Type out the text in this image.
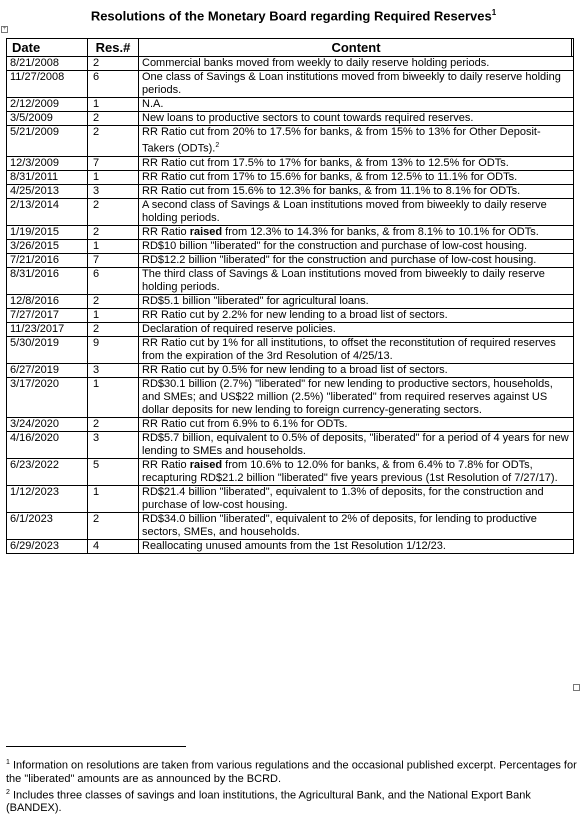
Resolutions of the Monetary Board regarding Required Reserves$^1$
+
Date	Res.#	Content
8/21/2008	2	Commercial banks moved from weekly to daily reserve holding periods.
11/27/2008	6	One class of Savings & Loan institutions moved from biweekly to daily reserve holding periods.
2/12/2009	1	N.A.
3/5/2009	2	New loans to productive sectors to count towards required reserves.
5/21/2009	2	RR Ratio cut from 20% to 17.5% for banks, & from 15% to 13% for Other Deposit-Takers (ODTs).$^2$
12/3/2009	7	RR Ratio cut from 17.5% to 17% for banks, & from 13% to 12.5% for ODTs.
8/31/2011	1	RR Ratio cut from 17% to 15.6% for banks, & from 12.5% to 11.1% for ODTs.
4/25/2013	3	RR Ratio cut from 15.6% to 12.3% for banks, & from 11.1% to 8.1% for ODTs.
2/13/2014	2	A second class of Savings & Loan institutions moved from biweekly to daily reserve holding periods.
1/19/2015	2	RR Ratio raised from 12.3% to 14.3% for banks, & from 8.1% to 10.1% for ODTs.
3/26/2015	1	RD$10 billion "liberated" for the construction and purchase of low-cost housing.
7/21/2016	7	RD$12.2 billion "liberated" for the construction and purchase of low-cost housing.
8/31/2016	6	The third class of Savings & Loan institutions moved from biweekly to daily reserve holding periods.
12/8/2016	2	RD$5.1 billion "liberated" for agricultural loans.
7/27/2017	1	RR Ratio cut by 2.2% for new lending to a broad list of sectors.
11/23/2017	2	Declaration of required reserve policies.
5/30/2019	9	RR Ratio cut by 1% for all institutions, to offset the reconstitution of required reserves from the expiration of the 3rd Resolution of 4/25/13.
6/27/2019	3	RR Ratio cut by 0.5% for new lending to a broad list of sectors.
3/17/2020	1	RD$30.1 billion (2.7%) "liberated" for new lending to productive sectors, households, and SMEs; and US$22 million (2.5%) "liberated" from required reserves against US dollar deposits for new lending to foreign currency-generating sectors.
3/24/2020	2	RR Ratio cut from 6.9% to 6.1% for ODTs.
4/16/2020	3	RD$5.7 billion, equivalent to 0.5% of deposits, "liberated" for a period of 4 years for new lending to SMEs and households.
6/23/2022	5	RR Ratio raised from 10.6% to 12.0% for banks, & from 6.4% to 7.8% for ODTs, recapturing RD$21.2 billion "liberated" five years previous (1st Resolution of 7/27/17).
1/12/2023	1	RD$21.4 billion "liberated", equivalent to 1.3% of deposits, for the construction and purchase of low-cost housing.
6/1/2023	2	RD$34.0 billion "liberated", equivalent to 2% of deposits, for lending to productive sectors, SMEs, and households.
6/29/2023	4	Reallocating unused amounts from the 1st Resolution 1/12/23.

$^1$ Information on resolutions are taken from various regulations and the occasional published excerpt. Percentages for the "liberated" amounts are as announced by the BCRD.

$^2$ Includes three classes of savings and loan institutions, the Agricultural Bank, and the National Export Bank (BANDEX).
